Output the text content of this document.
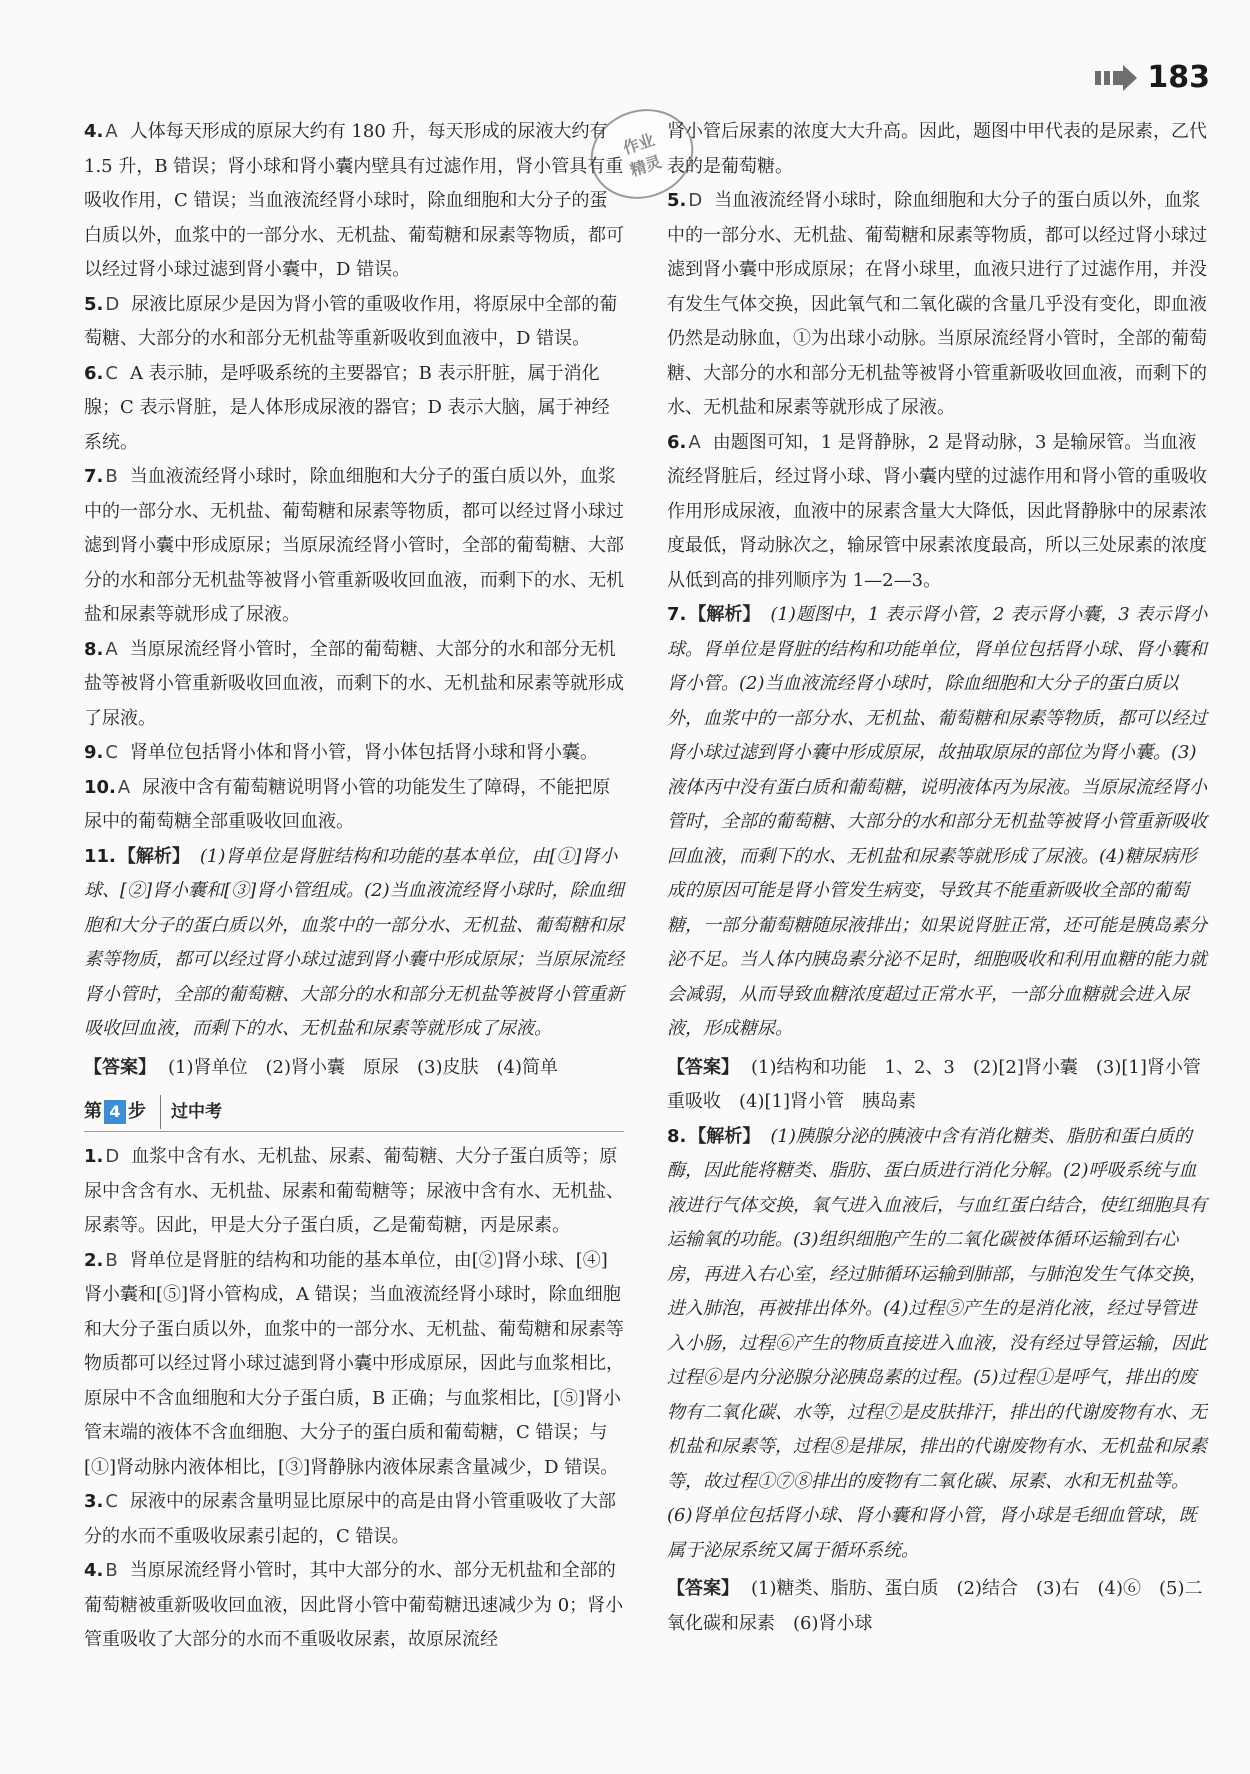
183
作业
精灵

4. A 人体每天形成的原尿大约有 180 升，每天形成的尿液大约有 1.5 升，B 错误；肾小球和肾小囊内壁具有过滤作用，肾小管具有重吸收作用，C 错误；当血液流经肾小球时，除血细胞和大分子的蛋白质以外，血浆中的一部分水、无机盐、葡萄糖和尿素等物质，都可以经过肾小球过滤到肾小囊中，D 错误。

5. D 尿液比原尿少是因为肾小管的重吸收作用，将原尿中全部的葡萄糖、大部分的水和部分无机盐等重新吸收到血液中，D 错误。

6. C A 表示肺，是呼吸系统的主要器官；B 表示肝脏，属于消化腺；C 表示肾脏，是人体形成尿液的器官；D 表示大脑，属于神经系统。

7. B 当血液流经肾小球时，除血细胞和大分子的蛋白质以外，血浆中的一部分水、无机盐、葡萄糖和尿素等物质，都可以经过肾小球过滤到肾小囊中形成原尿；当原尿流经肾小管时，全部的葡萄糖、大部分的水和部分无机盐等被肾小管重新吸收回血液，而剩下的水、无机盐和尿素等就形成了尿液。

8. A 当原尿流经肾小管时，全部的葡萄糖、大部分的水和部分无机盐等被肾小管重新吸收回血液，而剩下的水、无机盐和尿素等就形成了尿液。

9. C 肾单位包括肾小体和肾小管，肾小体包括肾小球和肾小囊。

10. A 尿液中含有葡萄糖说明肾小管的功能发生了障碍，不能把原尿中的葡萄糖全部重吸收回血液。

11. 【解析】 (1)肾单位是肾脏结构和功能的基本单位，由[①]肾小球、[②]肾小囊和[③]肾小管组成。(2)当血液流经肾小球时，除血细胞和大分子的蛋白质以外，血浆中的一部分水、无机盐、葡萄糖和尿素等物质，都可以经过肾小球过滤到肾小囊中形成原尿；当原尿流经肾小管时，全部的葡萄糖、大部分的水和部分无机盐等被肾小管重新吸收回血液，而剩下的水、无机盐和尿素等就形成了尿液。

【答案】 (1)肾单位　(2)肾小囊　原尿　(3)皮肤　(4)简单

第 4 步	过中考

1. D 血浆中含有水、无机盐、尿素、葡萄糖、大分子蛋白质等；原尿中含含有水、无机盐、尿素和葡萄糖等；尿液中含有水、无机盐、尿素等。因此，甲是大分子蛋白质，乙是葡萄糖，丙是尿素。

2. B 肾单位是肾脏的结构和功能的基本单位，由[②]肾小球、[④]肾小囊和[⑤]肾小管构成，A 错误；当血液流经肾小球时，除血细胞和大分子蛋白质以外，血浆中的一部分水、无机盐、葡萄糖和尿素等物质都可以经过肾小球过滤到肾小囊中形成原尿，因此与血浆相比，原尿中不含血细胞和大分子蛋白质，B 正确；与血浆相比，[⑤]肾小管末端的液体不含血细胞、大分子的蛋白质和葡萄糖，C 错误；与[①]肾动脉内液体相比，[③]肾静脉内液体尿素含量减少，D 错误。

3. C 尿液中的尿素含量明显比原尿中的高是由肾小管重吸收了大部分的水而不重吸收尿素引起的，C 错误。

4. B 当原尿流经肾小管时，其中大部分的水、部分无机盐和全部的葡萄糖被重新吸收回血液，因此肾小管中葡萄糖迅速减少为 0；肾小管重吸收了大部分的水而不重吸收尿素，故原尿流经

肾小管后尿素的浓度大大升高。因此，题图中甲代表的是尿素，乙代表的是葡萄糖。

5. D 当血液流经肾小球时，除血细胞和大分子的蛋白质以外，血浆中的一部分水、无机盐、葡萄糖和尿素等物质，都可以经过肾小球过滤到肾小囊中形成原尿；在肾小球里，血液只进行了过滤作用，并没有发生气体交换，因此氧气和二氧化碳的含量几乎没有变化，即血液仍然是动脉血，①为出球小动脉。当原尿流经肾小管时，全部的葡萄糖、大部分的水和部分无机盐等被肾小管重新吸收回血液，而剩下的水、无机盐和尿素等就形成了尿液。

6. A 由题图可知，1 是肾静脉，2 是肾动脉，3 是输尿管。当血液流经肾脏后，经过肾小球、肾小囊内壁的过滤作用和肾小管的重吸收作用形成尿液，血液中的尿素含量大大降低，因此肾静脉中的尿素浓度最低，肾动脉次之，输尿管中尿素浓度最高，所以三处尿素的浓度从低到高的排列顺序为 1—2—3。

7. 【解析】 (1)题图中，1 表示肾小管，2 表示肾小囊，3 表示肾小球。肾单位是肾脏的结构和功能单位，肾单位包括肾小球、肾小囊和肾小管。(2)当血液流经肾小球时，除血细胞和大分子的蛋白质以外，血浆中的一部分水、无机盐、葡萄糖和尿素等物质，都可以经过肾小球过滤到肾小囊中形成原尿，故抽取原尿的部位为肾小囊。(3)液体丙中没有蛋白质和葡萄糖，说明液体丙为尿液。当原尿流经肾小管时，全部的葡萄糖、大部分的水和部分无机盐等被肾小管重新吸收回血液，而剩下的水、无机盐和尿素等就形成了尿液。(4)糖尿病形成的原因可能是肾小管发生病变，导致其不能重新吸收全部的葡萄糖，一部分葡萄糖随尿液排出；如果说肾脏正常，还可能是胰岛素分泌不足。当人体内胰岛素分泌不足时，细胞吸收和利用血糖的能力就会减弱，从而导致血糖浓度超过正常水平，一部分血糖就会进入尿液，形成糖尿。

【答案】 (1)结构和功能　1、2、3　(2)[2]肾小囊　(3)[1]肾小管　重吸收　(4)[1]肾小管　胰岛素

8. 【解析】 (1)胰腺分泌的胰液中含有消化糖类、脂肪和蛋白质的酶，因此能将糖类、脂肪、蛋白质进行消化分解。(2)呼吸系统与血液进行气体交换，氧气进入血液后，与血红蛋白结合，使红细胞具有运输氧的功能。(3)组织细胞产生的二氧化碳被体循环运输到右心房，再进入右心室，经过肺循环运输到肺部，与肺泡发生气体交换，进入肺泡，再被排出体外。(4)过程⑤产生的是消化液，经过导管进入小肠，过程⑥产生的物质直接进入血液，没有经过导管运输，因此过程⑥是内分泌腺分泌胰岛素的过程。(5)过程①是呼气，排出的废物有二氧化碳、水等，过程⑦是皮肤排汗，排出的代谢废物有水、无机盐和尿素等，过程⑧是排尿，排出的代谢废物有水、无机盐和尿素等，故过程①⑦⑧排出的废物有二氧化碳、尿素、水和无机盐等。(6)肾单位包括肾小球、肾小囊和肾小管，肾小球是毛细血管球，既属于泌尿系统又属于循环系统。

【答案】 (1)糖类、脂肪、蛋白质　(2)结合　(3)右　(4)⑥　(5)二氧化碳和尿素　(6)肾小球
